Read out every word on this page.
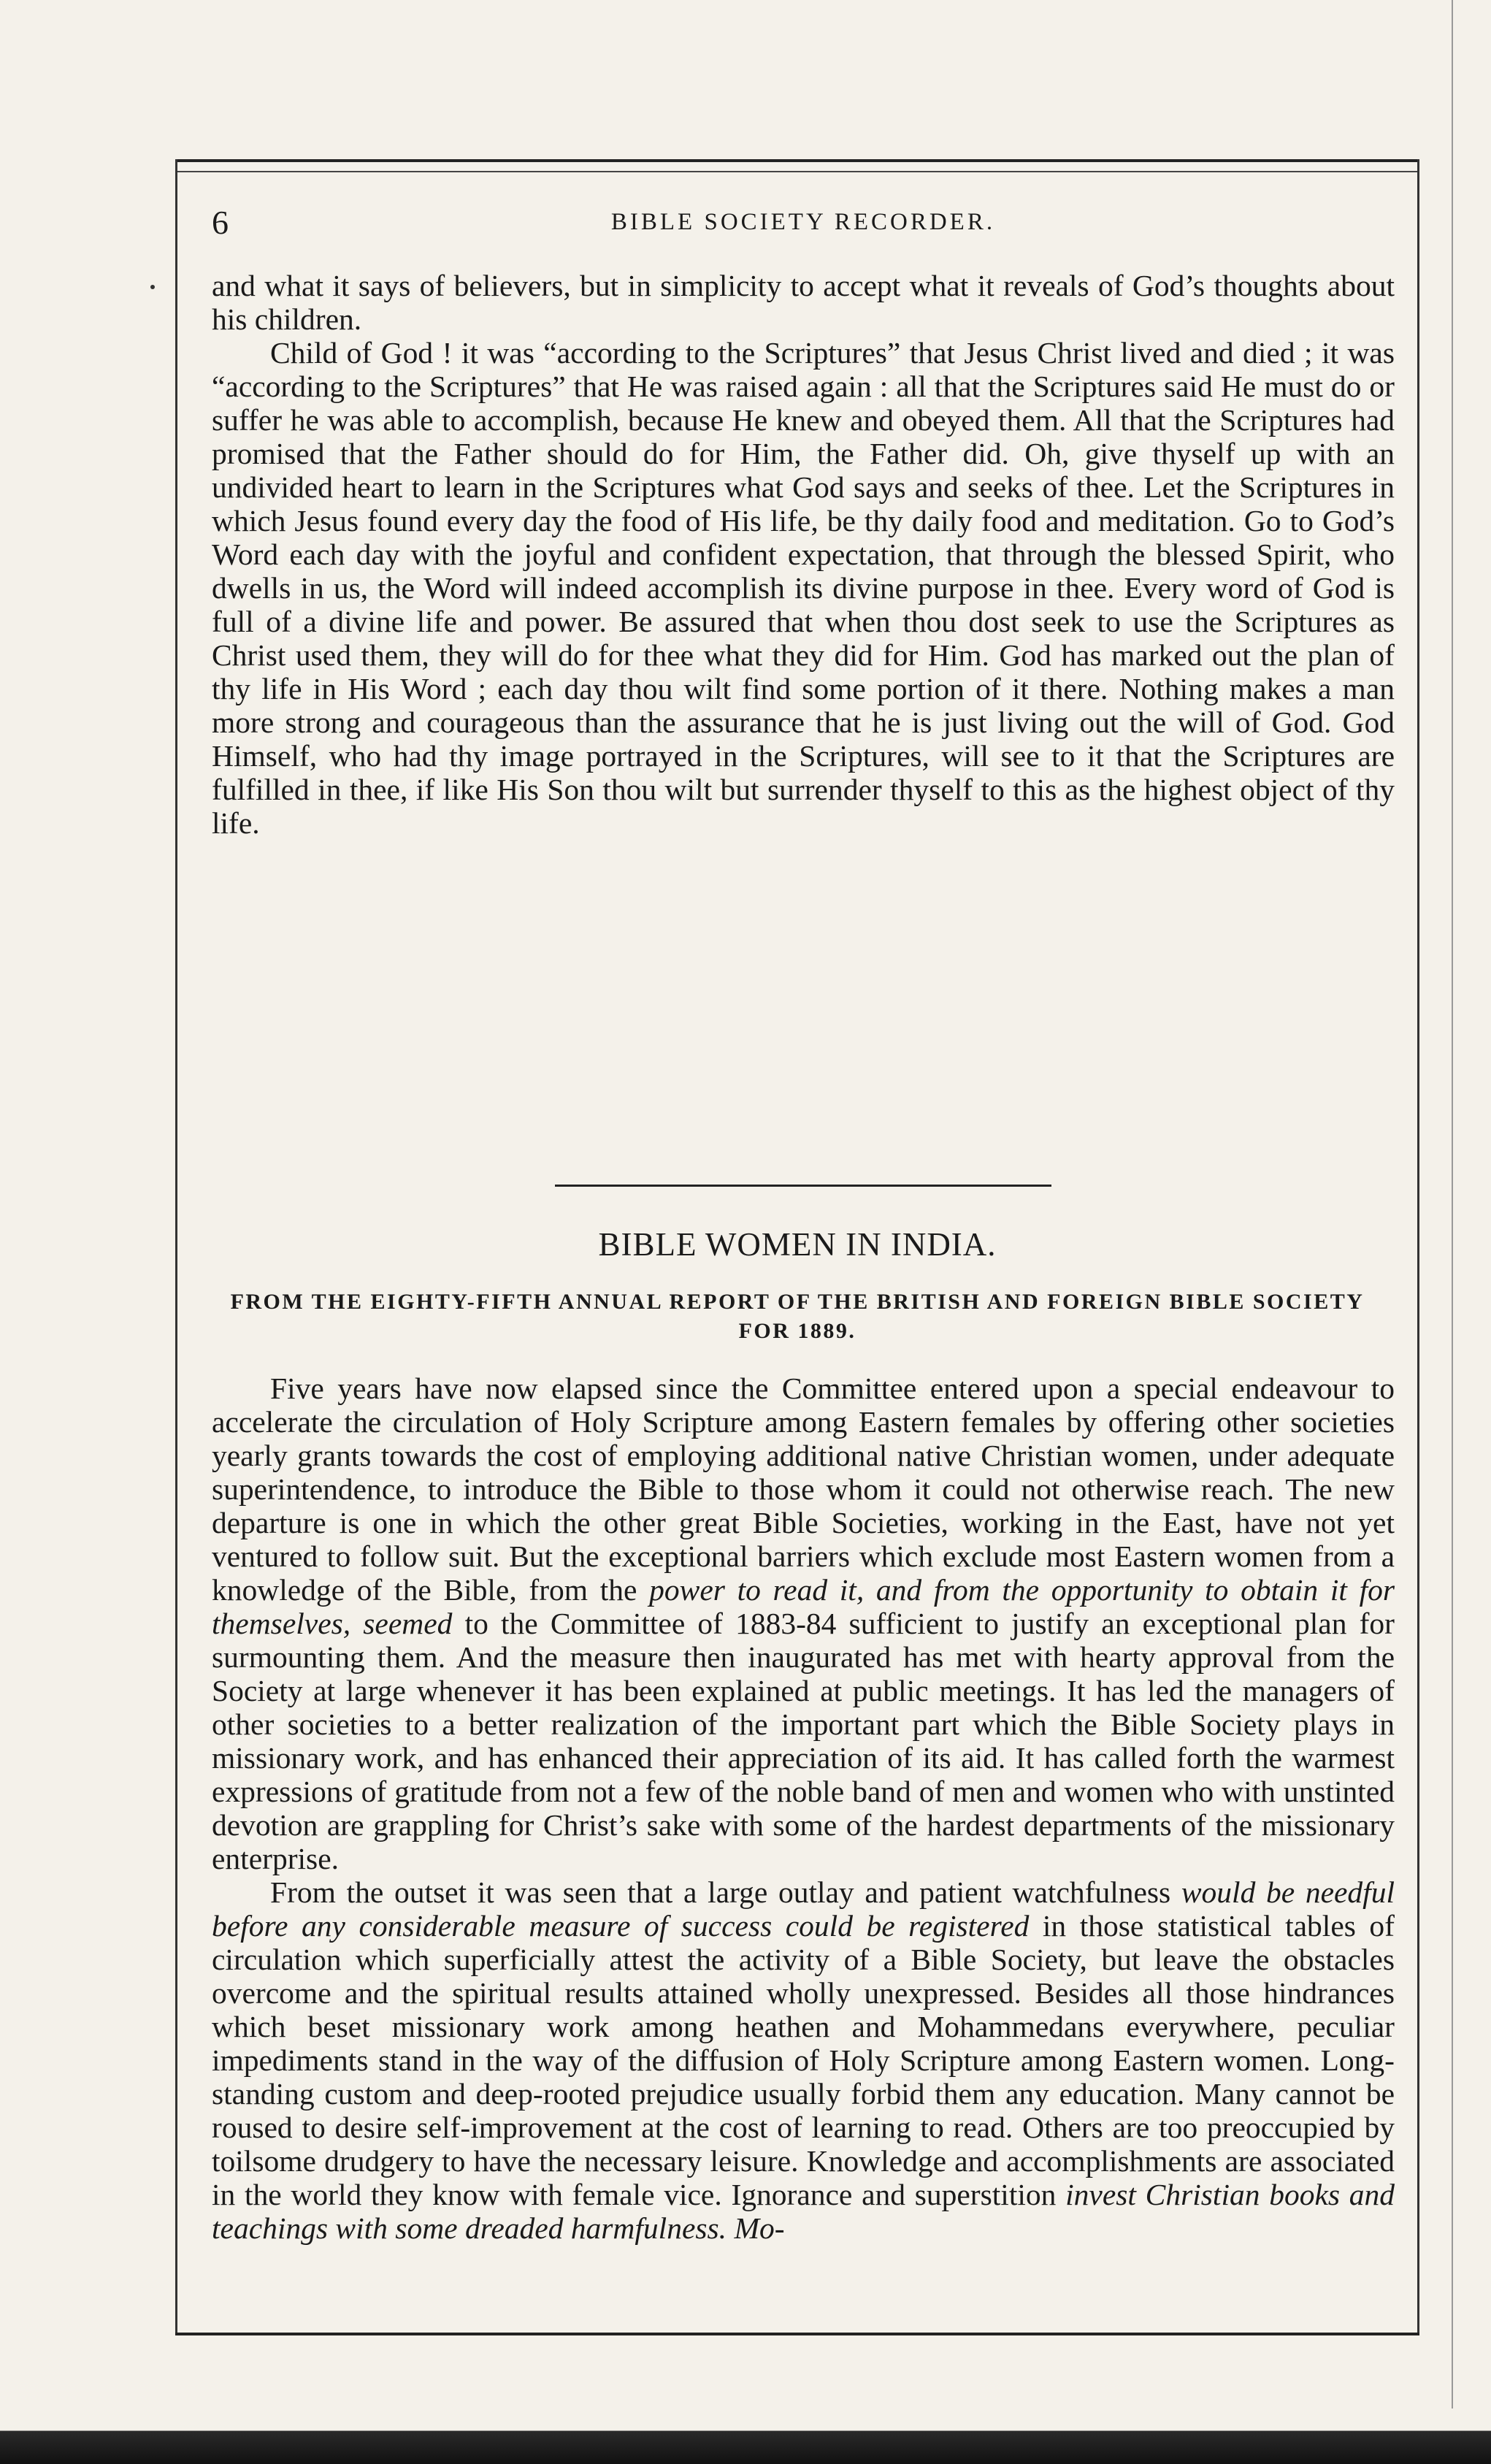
6	BIBLE SOCIETY RECORDER.

and what it says of believers, but in simplicity to accept what it reveals of God’s thoughts about his children.

Child of God ! it was “according to the Scriptures” that Jesus Christ lived and died ; it was “according to the Scriptures” that He was raised again : all that the Scriptures said He must do or suffer he was able to accomplish, because He knew and obeyed them. All that the Scriptures had promised that the Father should do for Him, the Father did. Oh, give thyself up with an undivided heart to learn in the Scriptures what God says and seeks of thee. Let the Scriptures in which Jesus found every day the food of His life, be thy daily food and meditation. Go to God’s Word each day with the joyful and confident expectation, that through the blessed Spirit, who dwells in us, the Word will indeed accomplish its divine purpose in thee. Every word of God is full of a divine life and power. Be assured that when thou dost seek to use the Scriptures as Christ used them, they will do for thee what they did for Him. God has marked out the plan of thy life in His Word ; each day thou wilt find some portion of it there. Nothing makes a man more strong and courageous than the assurance that he is just living out the will of God. God Himself, who had thy image portrayed in the Scriptures, will see to it that the Scriptures are fulfilled in thee, if like His Son thou wilt but surrender thyself to this as the highest object of thy life.

BIBLE WOMEN IN INDIA.
FROM THE EIGHTY-FIFTH ANNUAL REPORT OF THE BRITISH AND FOREIGN BIBLE SOCIETY FOR 1889.

Five years have now elapsed since the Committee entered upon a special endeavour to accelerate the circulation of Holy Scripture among Eastern females by offering other societies yearly grants towards the cost of employing additional native Christian women, under adequate superintendence, to introduce the Bible to those whom it could not otherwise reach. The new departure is one in which the other great Bible Societies, working in the East, have not yet ventured to follow suit. But the exceptional barriers which exclude most Eastern women from a knowledge of the Bible, from the power to read it, and from the opportunity to obtain it for themselves, seemed to the Committee of 1883-84 sufficient to justify an exceptional plan for surmounting them. And the measure then inaugurated has met with hearty approval from the Society at large whenever it has been explained at public meetings. It has led the managers of other societies to a better realization of the important part which the Bible Society plays in missionary work, and has enhanced their appreciation of its aid. It has called forth the warmest expressions of gratitude from not a few of the noble band of men and women who with unstinted devotion are grappling for Christ’s sake with some of the hardest departments of the missionary enterprise.

From the outset it was seen that a large outlay and patient watchfulness would be needful before any considerable measure of success could be registered in those statistical tables of circulation which superficially attest the activity of a Bible Society, but leave the obstacles overcome and the spiritual results attained wholly unexpressed. Besides all those hindrances which beset missionary work among heathen and Mohammedans everywhere, peculiar impediments stand in the way of the diffusion of Holy Scripture among Eastern women. Long-standing custom and deep-rooted prejudice usually forbid them any education. Many cannot be roused to desire self-improvement at the cost of learning to read. Others are too preoccupied by toilsome drudgery to have the necessary leisure. Knowledge and accomplishments are associated in the world they know with female vice. Ignorance and superstition invest Christian books and teachings with some dreaded harmfulness. Mo-
